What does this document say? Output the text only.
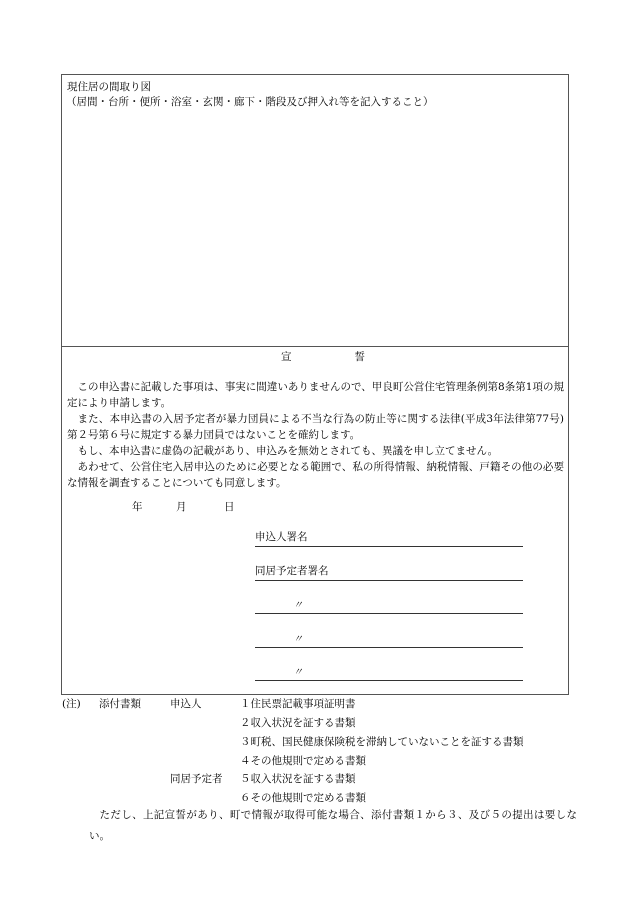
現住居の間取り図
（居間・台所・便所・浴室・玄関・廊下・階段及び押入れ等を記入すること）
宣	誓

この申込書に記載した事項は、事実に間違いありませんので、甲良町公営住宅管理条例第8条第1項の規定により申請します。

また、本申込書の入居予定者が暴力団員による不当な行為の防止等に関する法律(平成3年法律第77号)第２号第６号に規定する暴力団員ではないことを確約します。

もし、本申込書に虚偽の記載があり、申込みを無効とされても、異議を申し立てません。

あわせて、公営住宅入居申込のために必要となる範囲で、私の所得情報、納税情報、戸籍その他の必要な情報を調査することについても同意します。

年	月	日
申込人署名
同居予定者署名
〃
〃
〃
(注) 添付書類	申込人	１住民票記載事項証明書
２収入状況を証する書類
３町税、国民健康保険税を滞納していないことを証する書類
４その他規則で定める書類
同居予定者 ５収入状況を証する書類
６その他規則で定める書類

ただし、上記宣誓があり、町で情報が取得可能な場合、添付書類１から３、及び５の提出は要しない。
